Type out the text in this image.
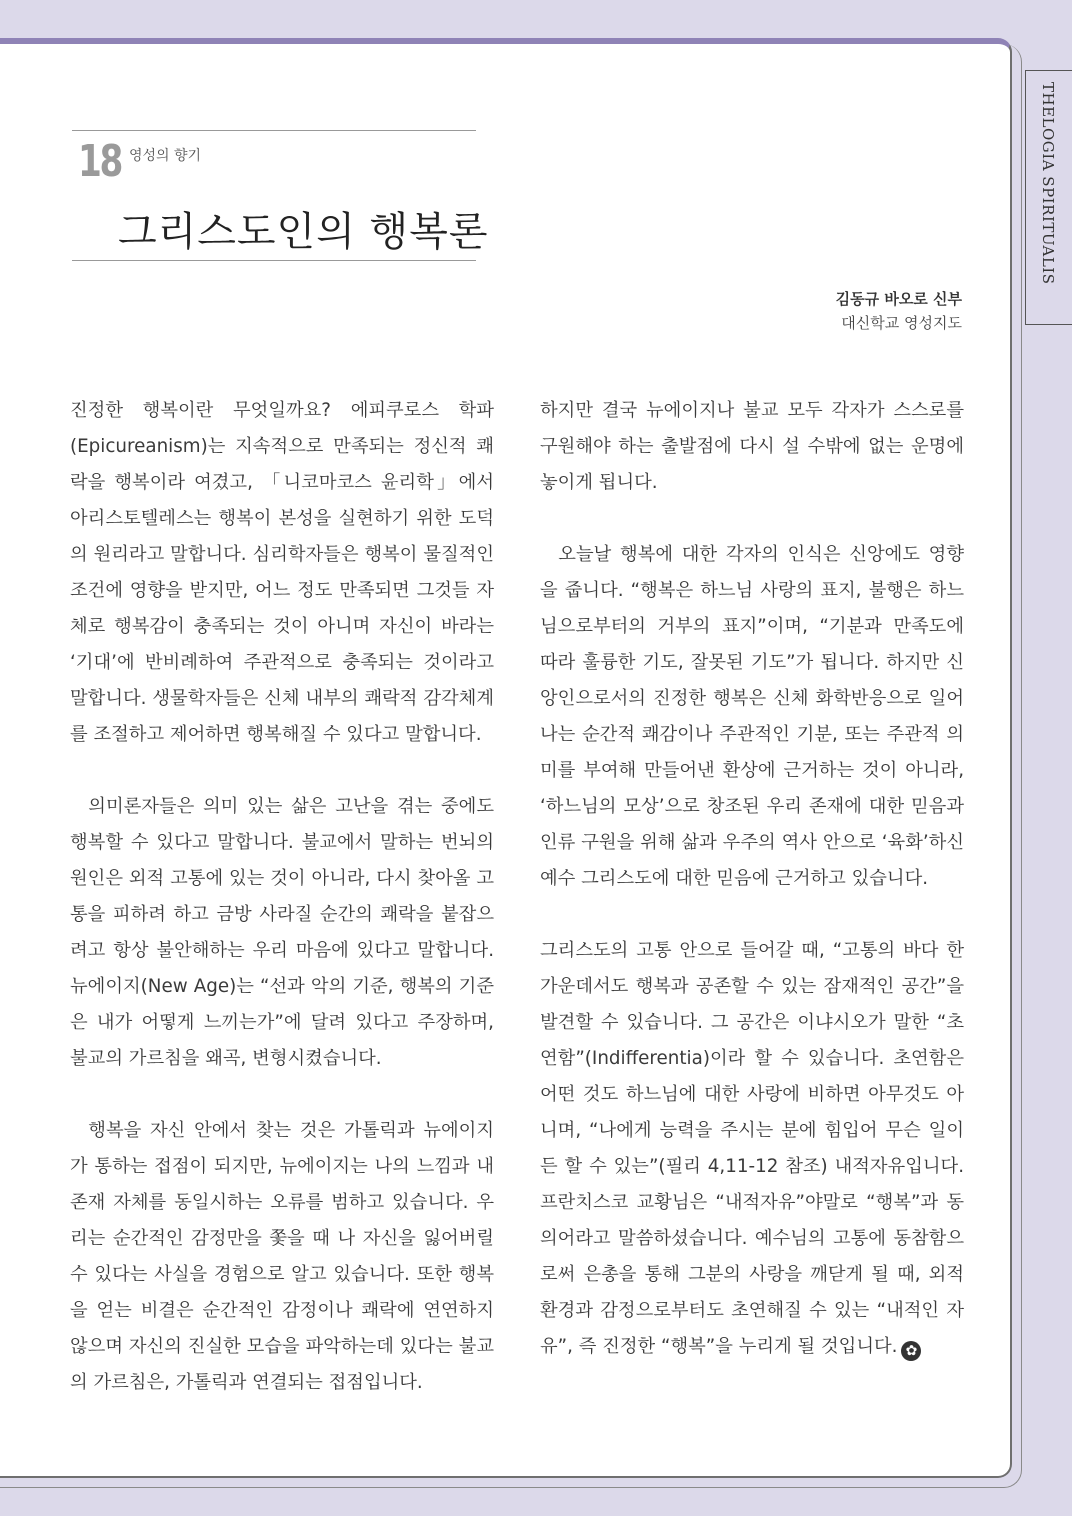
THELOGIA SPIRITUALIS
18 영성의 향기
그리스도인의 행복론
김동규 바오로 신부
대신학교 영성지도

진정한 행복이란 무엇일까요? 에피쿠로스 학파(Epicureanism)는 지속적으로 만족되는 정신적 쾌락을 행복이라 여겼고, 「니코마코스 윤리학」에서 아리스토텔레스는 행복이 본성을 실현하기 위한 도덕의 원리라고 말합니다. 심리학자들은 행복이 물질적인 조건에 영향을 받지만, 어느 정도 만족되면 그것들 자체로 행복감이 충족되는 것이 아니며 자신이 바라는 ‘기대’에 반비례하여 주관적으로 충족되는 것이라고 말합니다. 생물학자들은 신체 내부의 쾌락적 감각체계를 조절하고 제어하면 행복해질 수 있다고 말합니다.

의미론자들은 의미 있는 삶은 고난을 겪는 중에도 행복할 수 있다고 말합니다. 불교에서 말하는 번뇌의 원인은 외적 고통에 있는 것이 아니라, 다시 찾아올 고통을 피하려 하고 금방 사라질 순간의 쾌락을 붙잡으려고 항상 불안해하는 우리 마음에 있다고 말합니다. 뉴에이지(New Age)는 “선과 악의 기준, 행복의 기준은 내가 어떻게 느끼는가”에 달려 있다고 주장하며, 불교의 가르침을 왜곡, 변형시켰습니다.

행복을 자신 안에서 찾는 것은 가톨릭과 뉴에이지가 통하는 접점이 되지만, 뉴에이지는 나의 느낌과 내 존재 자체를 동일시하는 오류를 범하고 있습니다. 우리는 순간적인 감정만을 쫓을 때 나 자신을 잃어버릴 수 있다는 사실을 경험으로 알고 있습니다. 또한 행복을 얻는 비결은 순간적인 감정이나 쾌락에 연연하지 않으며 자신의 진실한 모습을 파악하는데 있다는 불교의 가르침은, 가톨릭과 연결되는 접점입니다.

하지만 결국 뉴에이지나 불교 모두 각자가 스스로를 구원해야 하는 출발점에 다시 설 수밖에 없는 운명에 놓이게 됩니다.

오늘날 행복에 대한 각자의 인식은 신앙에도 영향을 줍니다. “행복은 하느님 사랑의 표지, 불행은 하느님으로부터의 거부의 표지”이며, “기분과 만족도에 따라 훌륭한 기도, 잘못된 기도”가 됩니다. 하지만 신앙인으로서의 진정한 행복은 신체 화학반응으로 일어나는 순간적 쾌감이나 주관적인 기분, 또는 주관적 의미를 부여해 만들어낸 환상에 근거하는 것이 아니라, ‘하느님의 모상’으로 창조된 우리 존재에 대한 믿음과 인류 구원을 위해 삶과 우주의 역사 안으로 ‘육화’하신 예수 그리스도에 대한 믿음에 근거하고 있습니다.

그리스도의 고통 안으로 들어갈 때, “고통의 바다 한가운데서도 행복과 공존할 수 있는 잠재적인 공간”을 발견할 수 있습니다. 그 공간은 이냐시오가 말한 “초연함”(Indifferentia)이라 할 수 있습니다. 초연함은 어떤 것도 하느님에 대한 사랑에 비하면 아무것도 아니며, “나에게 능력을 주시는 분에 힘입어 무슨 일이든 할 수 있는”(필리 4,11-12 참조) 내적자유입니다. 프란치스코 교황님은 “내적자유”야말로 “행복”과 동의어라고 말씀하셨습니다. 예수님의 고통에 동참함으로써 은총을 통해 그분의 사랑을 깨닫게 될 때, 외적 환경과 감정으로부터도 초연해질 수 있는 “내적인 자유”, 즉 진정한 “행복”을 누리게 될 것입니다. ✿
